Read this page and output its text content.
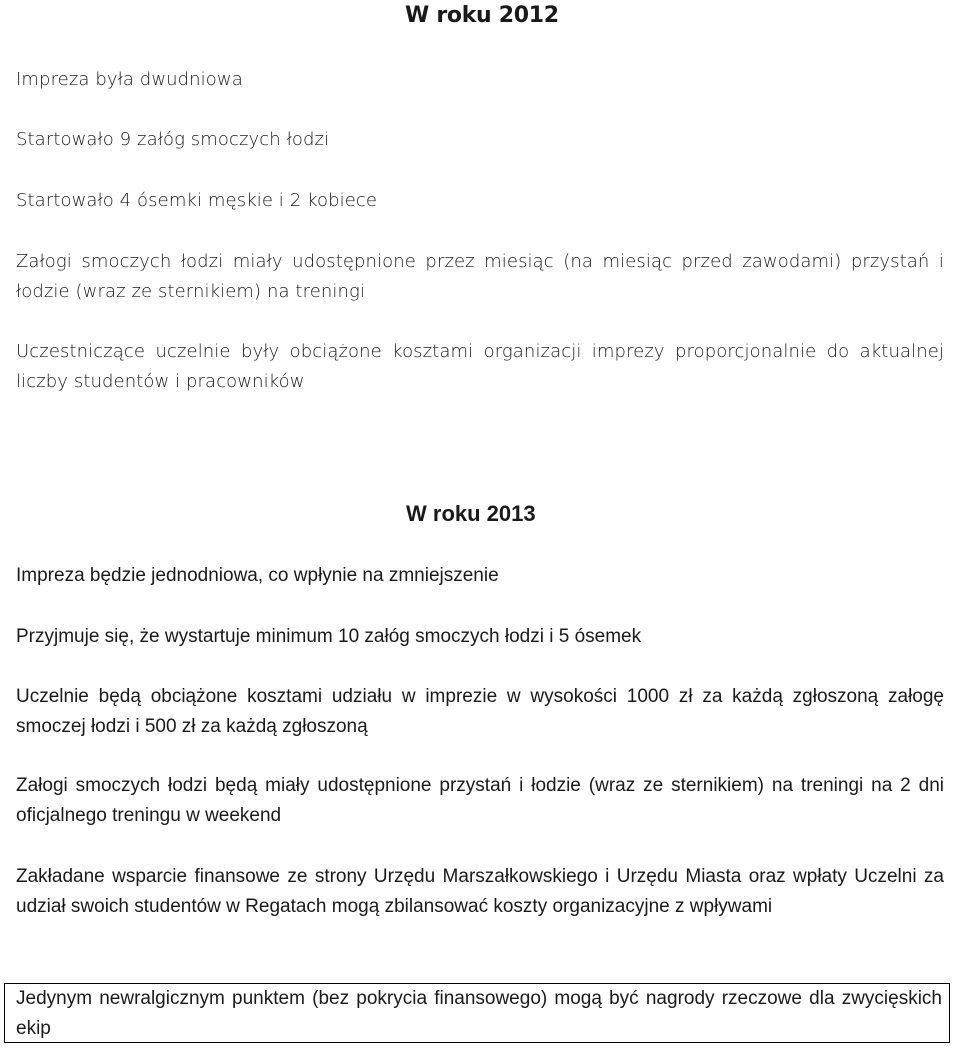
W roku 2012

Impreza była dwudniowa

Startowało 9 załóg smoczych łodzi

Startowało 4 ósemki męskie i 2 kobiece

Załogi smoczych łodzi miały udostępnione przez miesiąc (na miesiąc przed zawodami) przystań i łodzie (wraz ze sternikiem) na treningi

Uczestniczące uczelnie były obciążone kosztami organizacji imprezy proporcjonalnie do aktualnej liczby studentów i pracowników

W roku 2013

Impreza będzie jednodniowa, co wpłynie na zmniejszenie

Przyjmuje się, że wystartuje minimum 10 załóg smoczych łodzi i 5 ósemek

Uczelnie będą obciążone kosztami udziału w imprezie w wysokości 1000 zł za każdą zgłoszoną załogę smoczej łodzi i 500 zł za każdą zgłoszoną

Załogi smoczych łodzi będą miały udostępnione przystań i łodzie (wraz ze sternikiem) na treningi na 2 dni oficjalnego treningu w weekend

Zakładane wsparcie finansowe ze strony Urzędu Marszałkowskiego i Urzędu Miasta oraz wpłaty Uczelni za udział swoich studentów w Regatach mogą zbilansować koszty organizacyjne z wpływami

Jedynym newralgicznym punktem (bez pokrycia finansowego) mogą być nagrody rzeczowe dla zwycięskich ekip
